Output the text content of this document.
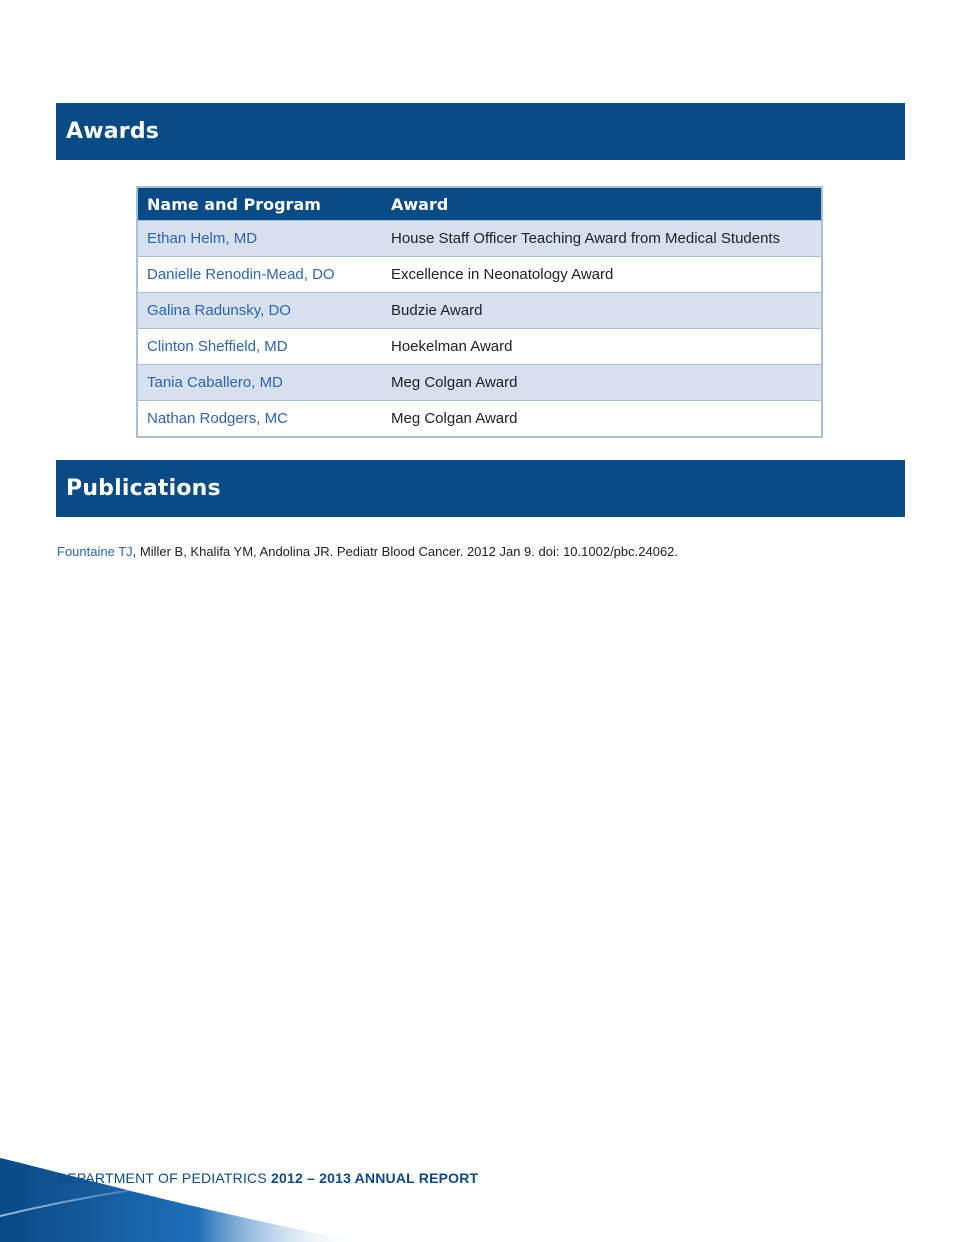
Awards
Name and Program	Award
Ethan Helm, MD	House Staff Officer Teaching Award from Medical Students
Danielle Renodin-Mead, DO	Excellence in Neonatology Award
Galina Radunsky, DO	Budzie Award
Clinton Sheffield, MD	Hoekelman Award
Tania Caballero, MD	Meg Colgan Award
Nathan Rodgers, MC	Meg Colgan Award
Publications
Fountaine TJ, Miller B, Khalifa YM, Andolina JR. Pediatr Blood Cancer. 2012 Jan 9. doi: 10.1002/pbc.24062.
DEPARTMENT OF PEDIATRICS 2012 – 2013 ANNUAL REPORT
